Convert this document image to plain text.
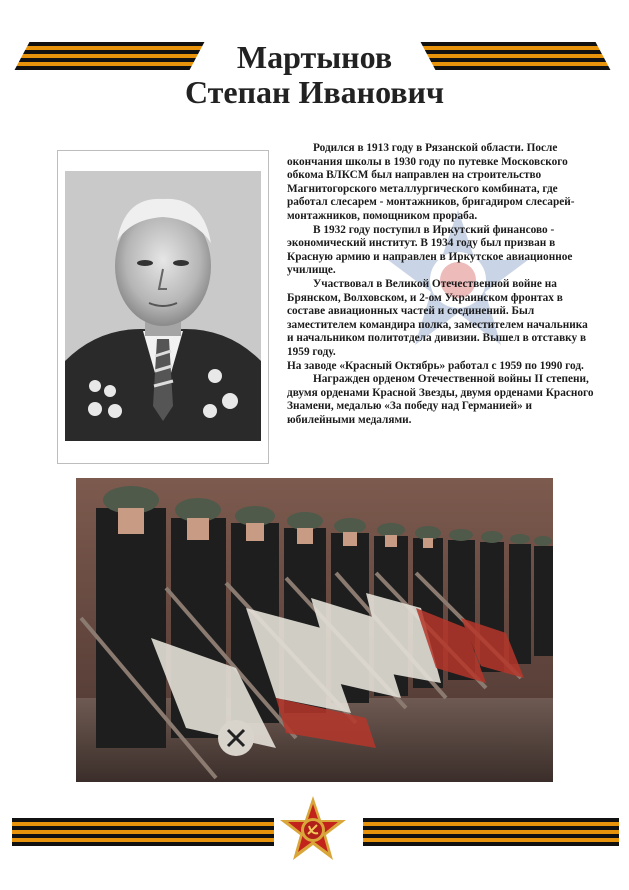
Мартынов
Степан Иванович

Родился в 1913 году в Рязанской области. После окончания школы в 1930 году по путевке Московского обкома ВЛКСМ был направлен на строительство Магнитогорского металлургического комбината, где работал слесарем - монтажников, бригадиром слесарей-монтажников, помощником прораба.

В 1932 году поступил в Иркутский финансово - экономический институт. В 1934 году был призван в Красную армию и направлен в Иркутское авиационное училище.

Участвовал в Великой Отечественной войне на Брянском, Волховском, и 2-ом Украинском фронтах в составе авиационных частей и соединений. Был заместителем командира полка, заместителем начальника и начальником политотдела дивизии. Вышел в отставку в 1959 году.

На заводе «Красный Октябрь» работал с 1959 по 1990 год.

Награжден орденом Отечественной войны II степени, двумя орденами Красной Звезды, двумя орденами Красного Знамени, медалью «За победу над Германией» и юбилейными медалями.
